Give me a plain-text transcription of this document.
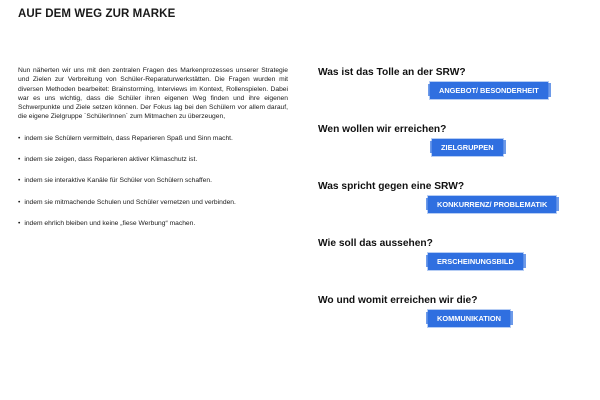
AUF DEM WEG ZUR MARKE

Nun näherten wir uns mit den zentralen Fragen des Markenprozesses unserer Strategie und Zielen zur Verbreitung von Schüler-Reparaturwerkstätten. Die Fragen wurden mit diversen Methoden bearbeitet: Brainstorming, Interviews im Kontext, Rollenspielen. Dabei war es uns wichtig, dass die Schüler ihren eigenen Weg finden und ihre eigenen Schwerpunkte und Ziele setzen können. Der Fokus lag bei den Schülern vor allem darauf, die eigene Zielgruppe ´SchülerInnen´ zum Mitmachen zu überzeugen,

• indem sie Schülern vermitteln, dass Reparieren Spaß und Sinn macht.
• indem sie zeigen, dass Reparieren aktiver Klimaschutz ist.
• indem sie interaktive Kanäle für Schüler von Schülern schaffen.
• indem sie mitmachende Schulen und Schüler vernetzen und verbinden.
• indem ehrlich bleiben und keine „fiese Werbung“ machen.

Was ist das Tolle an der SRW?

ANGEBOT/ BESONDERHEIT

Wen wollen wir erreichen?

ZIELGRUPPEN

Was spricht gegen eine SRW?

KONKURRENZ/ PROBLEMATIK

Wie soll das aussehen?

ERSCHEINUNGSBILD

Wo und womit erreichen wir die?

KOMMUNIKATION
